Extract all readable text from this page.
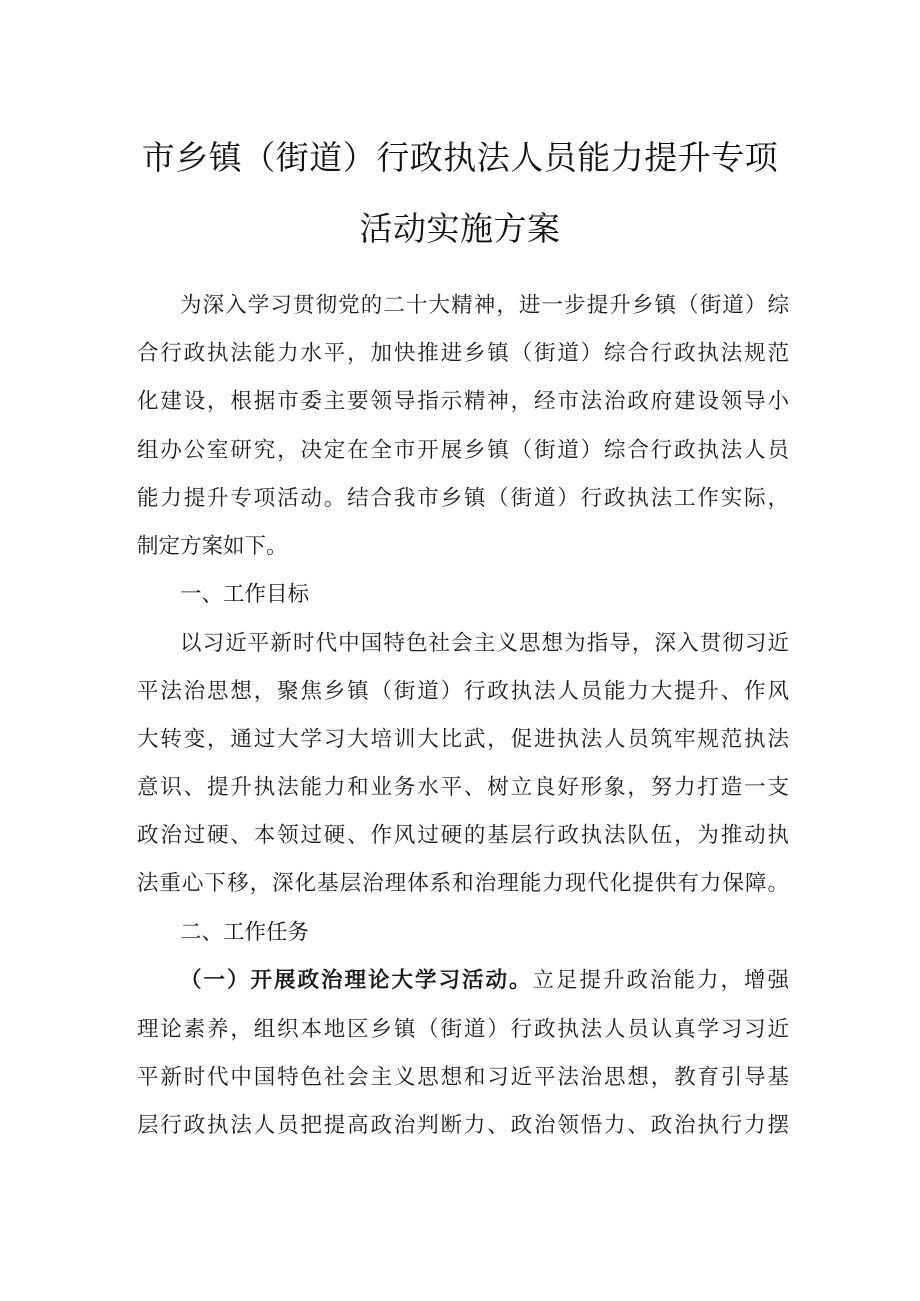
市乡镇（街道）行政执法人员能力提升专项
活动实施方案
为深入学习贯彻党的二十大精神，进一步提升乡镇（街道）综
合行政执法能力水平，加快推进乡镇（街道）综合行政执法规范
化建设，根据市委主要领导指示精神，经市法治政府建设领导小
组办公室研究，决定在全市开展乡镇（街道）综合行政执法人员
能力提升专项活动。结合我市乡镇（街道）行政执法工作实际，
制定方案如下。
一、工作目标
以习近平新时代中国特色社会主义思想为指导，深入贯彻习近
平法治思想，聚焦乡镇（街道）行政执法人员能力大提升、作风
大转变，通过大学习大培训大比武，促进执法人员筑牢规范执法
意识、提升执法能力和业务水平、树立良好形象，努力打造一支
政治过硬、本领过硬、作风过硬的基层行政执法队伍，为推动执
法重心下移，深化基层治理体系和治理能力现代化提供有力保障。
二、工作任务
（一）开展政治理论大学习活动。立足提升政治能力，增强
理论素养，组织本地区乡镇（街道）行政执法人员认真学习习近
平新时代中国特色社会主义思想和习近平法治思想，教育引导基
层行政执法人员把提高政治判断力、政治领悟力、政治执行力摆
